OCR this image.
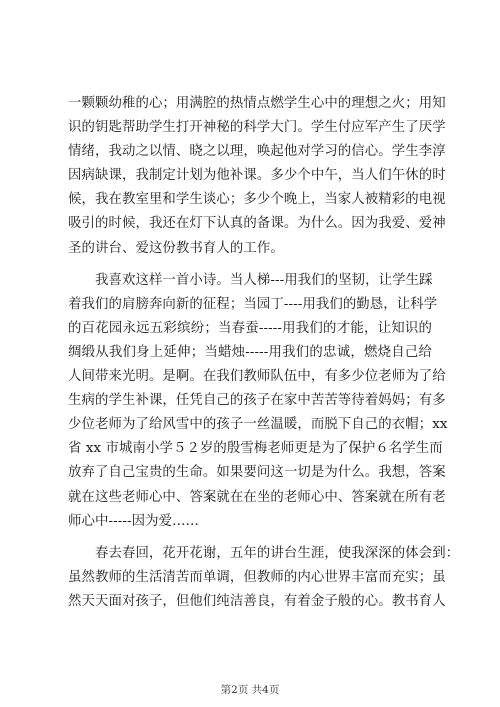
一颗颗幼稚的心；用满腔的热情点燃学生心中的理想之火；用知
识的钥匙帮助学生打开神秘的科学大门。学生付应军产生了厌学
情绪，我动之以情、晓之以理，唤起他对学习的信心。学生李淳
因病缺课，我制定计划为他补课。多少个中午，当人们午休的时
候，我在教室里和学生谈心；多少个晚上，当家人被精彩的电视
吸引的时候，我还在灯下认真的备课。为什么。因为我爱、爱神
圣的讲台、爱这份教书育人的工作。

　　我喜欢这样一首小诗。当人梯---用我们的坚韧，让学生踩
着我们的肩膀奔向新的征程；当园丁----用我们的勤恳，让科学
的百花园永远五彩缤纷；当春蚕-----用我们的才能，让知识的
绸缎从我们身上延伸；当蜡烛-----用我们的忠诚，燃烧自己给
人间带来光明。是啊。在我们教师队伍中，有多少位老师为了给
生病的学生补课，任凭自己的孩子在家中苦苦等待着妈妈；有多
少位老师为了给风雪中的孩子一丝温暖，而脱下自己的衣帽；xx
省 xx 市城南小学５２岁的殷雪梅老师更是为了保护６名学生而
放弃了自己宝贵的生命。如果要问这一切是为什么。我想，答案
就在这些老师心中、答案就在在坐的老师心中、答案就在所有老
师心中-----因为爱……

　　春去春回，花开花谢，五年的讲台生涯，使我深深的体会到：
虽然教师的生活清苦而单调，但教师的内心世界丰富而充实；虽
然天天面对孩子，但他们纯洁善良，有着金子般的心。教书育人

第2页 共4页
